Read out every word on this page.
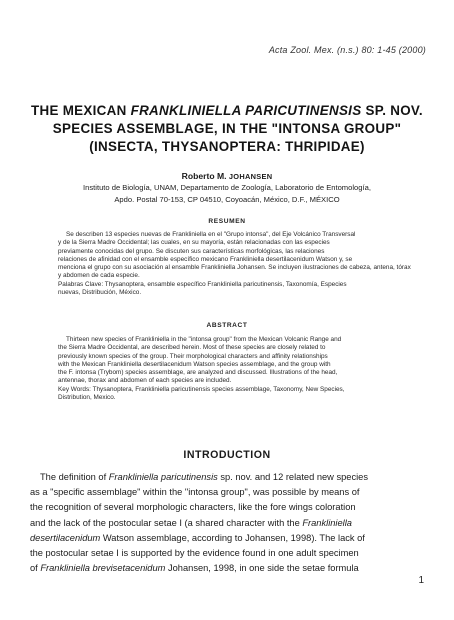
Acta Zool. Mex. (n.s.) 80: 1-45 (2000)
THE MEXICAN FRANKLINIELLA PARICUTINENSIS SP. NOV.
SPECIES ASSEMBLAGE, IN THE "INTONSA GROUP"
(INSECTA, THYSANOPTERA: THRIPIDAE)
Roberto M. JOHANSEN
Instituto de Biología, UNAM, Departamento de Zoología, Laboratorio de Entomología,
Apdo. Postal 70-153, CP 04510, Coyoacán, México, D.F., MÉXICO
RESUMEN
Se describen 13 especies nuevas de Frankliniella en el "Grupo intonsa", del Eje Volcánico Transversal
y de la Sierra Madre Occidental; las cuales, en su mayoría, están relacionadas con las especies
previamente conocidas del grupo. Se discuten sus características morfológicas, las relaciones
relaciones de afinidad con el ensamble específico mexicano Frankliniella desertilacenidum Watson y, se
menciona el grupo con su asociación al ensamble Frankliniella Johansen. Se incluyen ilustraciones de cabeza, antena, tórax
y abdomen de cada especie.
Palabras Clave: Thysanoptera, ensamble específico Frankliniella paricutinensis, Taxonomía, Especies
nuevas, Distribución, México.
ABSTRACT
Thirteen new species of Frankliniella in the "intonsa group" from the Mexican Volcanic Range and
the Sierra Madre Occidental, are described herein. Most of these species are closely related to
previously known species of the group. Their morphological characters and affinity relationships
with the Mexican Frankliniella desertilacenidum Watson species assemblage, and the group with
the F. intonsa (Trybom) species assemblage, are analyzed and discussed. Illustrations of the head,
antennae, thorax and abdomen of each species are included.
Key Words: Thysanoptera, Frankliniella paricutinensis species assemblage, Taxonomy, New Species,
Distribution, Mexico.
INTRODUCTION
The definition of Frankliniella paricutinensis sp. nov. and 12 related new species
as a "specific assemblage" within the "intonsa group", was possible by means of
the recognition of several morphologic characters, like the fore wings coloration
and the lack of the postocular setae I (a shared character with the Frankliniella
desertilacenidum Watson assemblage, according to Johansen, 1998). The lack of
the postocular setae I is supported by the evidence found in one adult specimen
of Frankliniella brevisetacenidum Johansen, 1998, in one side the setae formula
1
